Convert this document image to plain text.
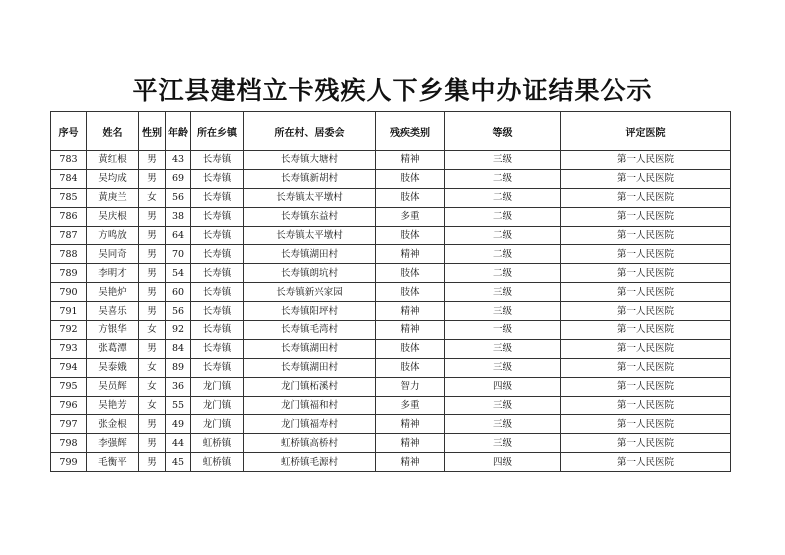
平江县建档立卡残疾人下乡集中办证结果公示
序号	姓名	性别	年龄	所在乡镇	所在村、居委会	残疾类别	等级	评定医院
783	黄红根	男	43	长寿镇	长寿镇大塘村	精神	三级	第一人民医院
784	吴均成	男	69	长寿镇	长寿镇新胡村	肢体	二级	第一人民医院
785	黄庚兰	女	56	长寿镇	长寿镇太平墩村	肢体	二级	第一人民医院
786	吴庆根	男	38	长寿镇	长寿镇东益村	多重	二级	第一人民医院
787	方鸣放	男	64	长寿镇	长寿镇太平墩村	肢体	二级	第一人民医院
788	吴同奇	男	70	长寿镇	长寿镇湖田村	精神	二级	第一人民医院
789	李明才	男	54	长寿镇	长寿镇朗坑村	肢体	二级	第一人民医院
790	吴艳炉	男	60	长寿镇	长寿镇新兴家园	肢体	三级	第一人民医院
791	吴喜乐	男	56	长寿镇	长寿镇阳坪村	精神	三级	第一人民医院
792	方银华	女	92	长寿镇	长寿镇毛湾村	精神	一级	第一人民医院
793	张葛潭	男	84	长寿镇	长寿镇湖田村	肢体	三级	第一人民医院
794	吴泰娥	女	89	长寿镇	长寿镇湖田村	肢体	三级	第一人民医院
795	吴员辉	女	36	龙门镇	龙门镇柘溪村	智力	四级	第一人民医院
796	吴艳芳	女	55	龙门镇	龙门镇福和村	多重	三级	第一人民医院
797	张金根	男	49	龙门镇	龙门镇福寿村	精神	三级	第一人民医院
798	李强辉	男	44	虹桥镇	虹桥镇高桥村	精神	三级	第一人民医院
799	毛衡平	男	45	虹桥镇	虹桥镇毛源村	精神	四级	第一人民医院
